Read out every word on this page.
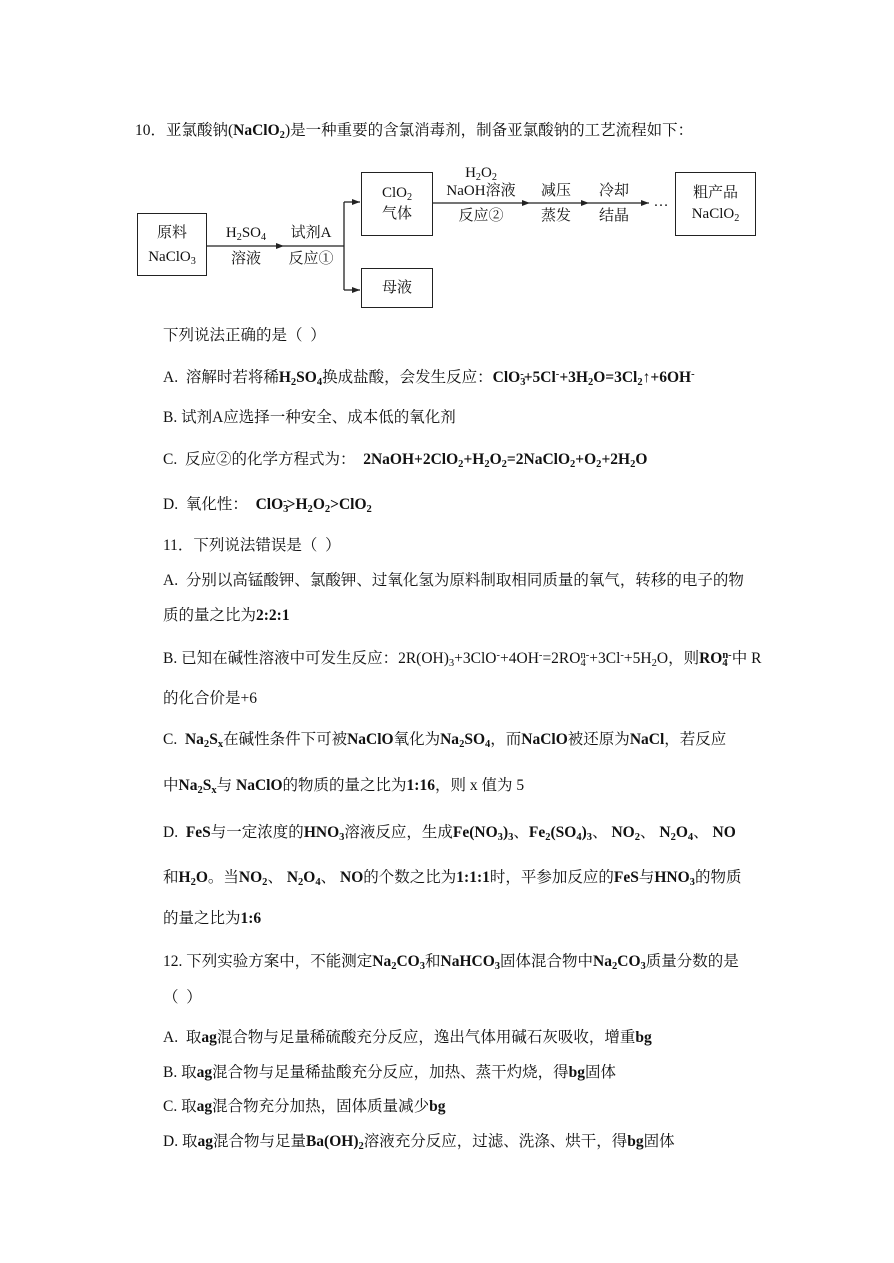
10．亚氯酸钠(NaClO$_2$)是一种重要的含氯消毒剂，制备亚氯酸钠的工艺流程如下：
原料
NaClO$_3$
$H_2SO_4$
溶液
试剂A
反应①
ClO$_2$
气体
母液
$H_2O_2$
NaOH溶液
反应②
减压
蒸发
冷却
结晶
…
粗产品
NaClO$_2$
下列说法正确的是（  ）
A.  溶解时若将稀$H_2SO_4$换成盐酸，会发生反应：$ClO_3^-+5Cl^-+3H_2O=3Cl_2↑+6OH^-$
B. 试剂A应选择一种安全、成本低的氧化剂
C.  反应②的化学方程式为：  $2NaOH+2ClO_2+H_2O_2=2NaClO_2+O_2+2H_2O$
D.  氧化性：  $ClO_3^->H_2O_2>ClO_2$
11．下列说法错误是（  ）
A.  分别以高锰酸钾、氯酸钾、过氧化氢为原料制取相同质量的氧气，转移的电子的物
质的量之比为2:2:1
B. 已知在碱性溶液中可发生反应：$2R(OH)_3+3ClO^-+4OH^-=2RO_4^{n-}+3Cl^-+5H_2O$，则$RO_4^{n-}$中 R
的化合价是+6
C.  $Na_2S_x$在碱性条件下可被NaClO氧化为$Na_2SO_4$，而NaClO被还原为NaCl，若反应
中$Na_2S_x$与 NaClO的物质的量之比为1:16，则 x 值为 5
D.  FeS与一定浓度的$HNO_3$溶液反应，生成$Fe(NO_3)_3$、$Fe_2(SO_4)_3$、 $NO_2$、 $N_2O_4$、 NO
和$H_2O$。当$NO_2$、 $N_2O_4$、 NO的个数之比为1:1:1时，平参加反应的FeS与$HNO_3$的物质
的量之比为1:6
12. 下列实验方案中，不能测定$Na_2CO_3$和NaHCO$_3$固体混合物中$Na_2CO_3$质量分数的是
（  ）
A.  取ag混合物与足量稀硫酸充分反应，逸出气体用碱石灰吸收，增重bg
B. 取ag混合物与足量稀盐酸充分反应，加热、蒸干灼烧，得bg固体
C. 取ag混合物充分加热，固体质量减少bg
D. 取ag混合物与足量$Ba(OH)_2$溶液充分反应，过滤、洗涤、烘干，得bg固体
